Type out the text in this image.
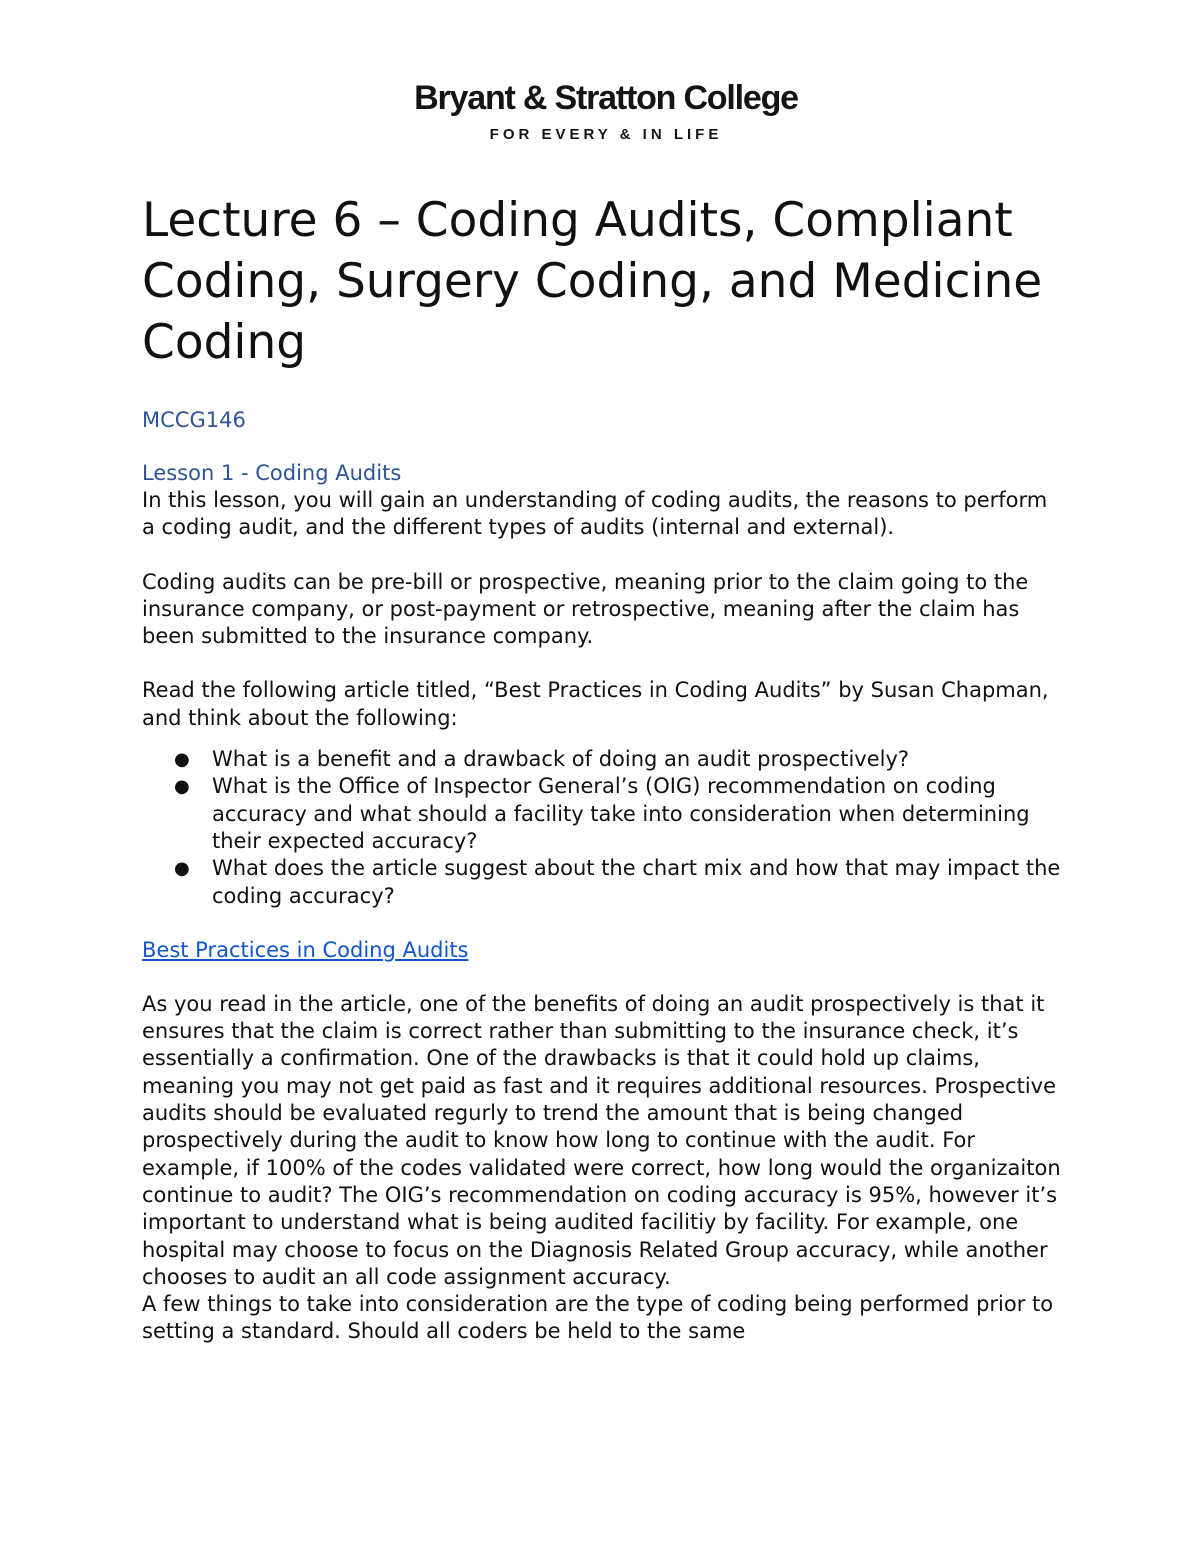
Bryant & Stratton College
FOR EVERY & IN LIFE
Lecture 6 – Coding Audits, Compliant Coding, Surgery Coding, and Medicine Coding
MCCG146
Lesson 1 - Coding Audits

In this lesson, you will gain an understanding of coding audits, the reasons to perform a coding audit, and the different types of audits (internal and external).

Coding audits can be pre-bill or prospective, meaning prior to the claim going to the insurance company, or post-payment or retrospective, meaning after the claim has been submitted to the insurance company.

Read the following article titled, “Best Practices in Coding Audits” by Susan Chapman, and think about the following:

● What is a benefit and a drawback of doing an audit prospectively?
● What is the Office of Inspector General’s (OIG) recommendation on coding accuracy and what should a facility take into consideration when determining their expected accuracy?
● What does the article suggest about the chart mix and how that may impact the coding accuracy?
Best Practices in Coding Audits

As you read in the article, one of the benefits of doing an audit prospectively is that it ensures that the claim is correct rather than submitting to the insurance check, it’s essentially a confirmation. One of the drawbacks is that it could hold up claims, meaning you may not get paid as fast and it requires additional resources. Prospective audits should be evaluated regurly to trend the amount that is being changed prospectively during the audit to know how long to continue with the audit. For example, if 100% of the codes validated were correct, how long would the organizaiton continue to audit? The OIG’s recommendation on coding accuracy is 95%, however it’s important to understand what is being audited facilitiy by facility. For example, one hospital may choose to focus on the Diagnosis Related Group accuracy, while another chooses to audit an all code assignment accuracy.

A few things to take into consideration are the type of coding being performed prior to setting a standard. Should all coders be held to the same
